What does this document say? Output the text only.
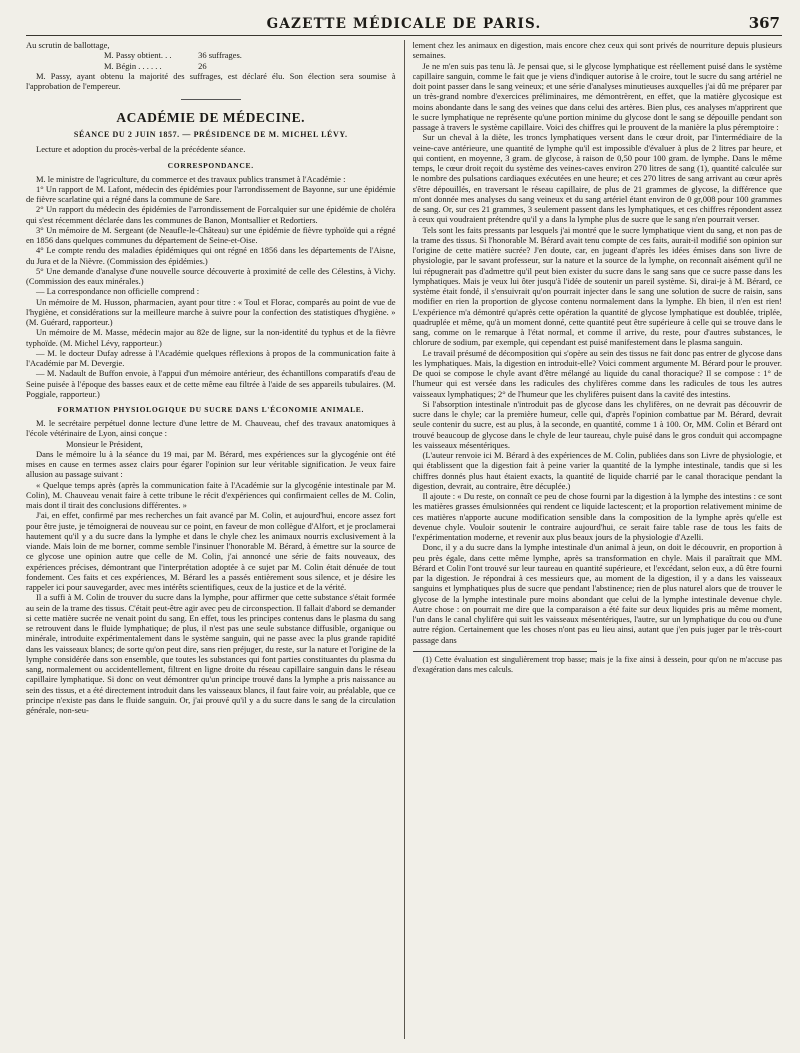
GAZETTE MÉDICALE DE PARIS.	367

Au scrutin de ballottage,

M. Passy obtient. . .	36 suffrages.

M. Bégin . . . . . .	26

M. Passy, ayant obtenu la majorité des suffrages, est déclaré élu. Son élection sera soumise à l'approbation de l'empereur.

ACADÉMIE DE MÉDECINE.
SÉANCE DU 2 JUIN 1857. — PRÉSIDENCE DE M. MICHEL LÉVY.

Lecture et adoption du procès-verbal de la précédente séance.

CORRESPONDANCE.

M. le ministre de l'agriculture, du commerce et des travaux publics transmet à l'Académie :

1° Un rapport de M. Lafont, médecin des épidémies pour l'arrondissement de Bayonne, sur une épidémie de fièvre scarlatine qui a régné dans la commune de Sare.

2° Un rapport du médecin des épidémies de l'arrondissement de Forcalquier sur une épidémie de choléra qui s'est récemment déclarée dans les communes de Banon, Montsallier et Redortiers.

3° Un mémoire de M. Sergeant (de Neaufle-le-Château) sur une épidémie de fièvre typhoïde qui a régné en 1856 dans quelques communes du département de Seine-et-Oise.

4° Le compte rendu des maladies épidémiques qui ont régné en 1856 dans les départements de l'Aisne, du Jura et de la Nièvre. (Commission des épidémies.)

5° Une demande d'analyse d'une nouvelle source découverte à proximité de celle des Célestins, à Vichy. (Commission des eaux minérales.)

— La correspondance non officielle comprend :

Un mémoire de M. Husson, pharmacien, ayant pour titre : « Toul et Florac, comparés au point de vue de l'hygiène, et considérations sur la meilleure marche à suivre pour la confection des statistiques d'hygiène. » (M. Guérard, rapporteur.)

Un mémoire de M. Masse, médecin major au 82e de ligne, sur la non-identité du typhus et de la fièvre typhoïde. (M. Michel Lévy, rapporteur.)

— M. le docteur Dufay adresse à l'Académie quelques réflexions à propos de la communication faite à l'Académie par M. Devergie.

— M. Nadault de Buffon envoie, à l'appui d'un mémoire antérieur, des échantillons comparatifs d'eau de Seine puisée à l'époque des basses eaux et de cette même eau filtrée à l'aide de ses appareils tubulaires. (M. Poggiale, rapporteur.)

FORMATION PHYSIOLOGIQUE DU SUCRE DANS L'ÉCONOMIE ANIMALE.

M. le secrétaire perpétuel donne lecture d'une lettre de M. Chauveau, chef des travaux anatomiques à l'école vétérinaire de Lyon, ainsi conçue :

Monsieur le Président,

Dans le mémoire lu à la séance du 19 mai, par M. Bérard, mes expériences sur la glycogénie ont été mises en cause en termes assez clairs pour égarer l'opinion sur leur véritable signification. Je veux faire allusion au passage suivant :

« Quelque temps après (après la communication faite à l'Académie sur la glycogénie intestinale par M. Colin), M. Chauveau venait faire à cette tribune le récit d'expériences qui confirmaient celles de M. Colin, mais dont il tirait des conclusions différentes. »

J'ai, en effet, confirmé par mes recherches un fait avancé par M. Colin, et aujourd'hui, encore assez fort pour être juste, je témoignerai de nouveau sur ce point, en faveur de mon collègue d'Alfort, et je proclamerai hautement qu'il y a du sucre dans la lymphe et dans le chyle chez les animaux nourris exclusivement à la viande. Mais loin de me borner, comme semble l'insinuer l'honorable M. Bérard, à émettre sur la source de ce glycose une opinion autre que celle de M. Colin, j'ai annoncé une série de faits nouveaux, des expériences précises, démontrant que l'interprétation adoptée à ce sujet par M. Colin était dénuée de tout fondement. Ces faits et ces expériences, M. Bérard les a passés entièrement sous silence, et je désire les rappeler ici pour sauvegarder, avec mes intérêts scientifiques, ceux de la justice et de la vérité.

Il a suffi à M. Colin de trouver du sucre dans la lymphe, pour affirmer que cette substance s'était formée au sein de la trame des tissus. C'était peut-être agir avec peu de circonspection. Il fallait d'abord se demander si cette matière sucrée ne venait point du sang. En effet, tous les principes contenus dans le plasma du sang se retrouvent dans le fluide lymphatique; de plus, il n'est pas une seule substance diffusible, organique ou minérale, introduite expérimentalement dans le système sanguin, qui ne passe avec la plus grande rapidité dans les vaisseaux blancs; de sorte qu'on peut dire, sans rien préjuger, du reste, sur la nature et l'origine de la lymphe considérée dans son ensemble, que toutes les substances qui font parties constituantes du plasma du sang, normalement ou accidentellement, filtrent en ligne droite du réseau capillaire sanguin dans le réseau capillaire lymphatique. Si donc on veut démontrer qu'un principe trouvé dans la lymphe a pris naissance au sein des tissus, et a été directement introduit dans les vaisseaux blancs, il faut faire voir, au préalable, que ce principe n'existe pas dans le fluide sanguin. Or, j'ai prouvé qu'il y a du sucre dans le sang de la circulation générale, non-seu-

lement chez les animaux en digestion, mais encore chez ceux qui sont privés de nourriture depuis plusieurs semaines.

Je ne m'en suis pas tenu là. Je pensai que, si le glycose lymphatique est réellement puisé dans le système capillaire sanguin, comme le fait que je viens d'indiquer autorise à le croire, tout le sucre du sang artériel ne doit point passer dans le sang veineux; et une série d'analyses minutieuses auxquelles j'ai dû me préparer par un très-grand nombre d'exercices préliminaires, me démontrèrent, en effet, que la matière glycosique est moins abondante dans le sang des veines que dans celui des artères. Bien plus, ces analyses m'apprirent que le sucre lymphatique ne représente qu'une portion minime du glycose dont le sang se dépouille pendant son passage à travers le système capillaire. Voici des chiffres qui le prouvent de la manière la plus péremptoire :

Sur un cheval à la diète, les troncs lymphatiques versent dans le cœur droit, par l'intermédiaire de la veine-cave antérieure, une quantité de lymphe qu'il est impossible d'évaluer à plus de 2 litres par heure, et qui contient, en moyenne, 3 gram. de glycose, à raison de 0,50 pour 100 gram. de lymphe. Dans le même temps, le cœur droit reçoit du système des veines-caves environ 270 litres de sang (1), quantité calculée sur le nombre des pulsations cardiaques exécutées en une heure; et ces 270 litres de sang arrivant au cœur après s'être dépouillés, en traversant le réseau capillaire, de plus de 21 grammes de glycose, la différence que m'ont donnée mes analyses du sang veineux et du sang artériel étant environ de 0 gr,008 pour 100 grammes de sang. Or, sur ces 21 grammes, 3 seulement passent dans les lymphatiques, et ces chiffres répondent assez à ceux qui voudraient prétendre qu'il y a dans la lymphe plus de sucre que le sang n'en pourrait verser.

Tels sont les faits pressants par lesquels j'ai montré que le sucre lymphatique vient du sang, et non pas de la trame des tissus. Si l'honorable M. Bérard avait tenu compte de ces faits, aurait-il modifié son opinion sur l'origine de cette matière sucrée? J'en doute, car, en jugeant d'après les idées émises dans son livre de physiologie, par le savant professeur, sur la nature et la source de la lymphe, on reconnaît aisément qu'il ne lui répugnerait pas d'admettre qu'il peut bien exister du sucre dans le sang sans que ce sucre passe dans les lymphatiques. Mais je veux lui ôter jusqu'à l'idée de soutenir un pareil système. Si, dirai-je à M. Bérard, ce système était fondé, il s'ensuivrait qu'on pourrait injecter dans le sang une solution de sucre de raisin, sans modifier en rien la proportion de glycose contenu normalement dans la lymphe. Eh bien, il n'en est rien! L'expérience m'a démontré qu'après cette opération la quantité de glycose lymphatique est doublée, triplée, quadruplée et même, qu'à un moment donné, cette quantité peut être supérieure à celle qui se trouve dans le sang, comme on le remarque à l'état normal, et comme il arrive, du reste, pour d'autres substances, le chlorure de sodium, par exemple, qui cependant est puisé manifestement dans le plasma sanguin.

Le travail présumé de décomposition qui s'opère au sein des tissus ne fait donc pas entrer de glycose dans les lymphatiques. Mais, la digestion en introduit-elle? Voici comment argumente M. Bérard pour le prouver. De quoi se compose le chyle avant d'être mélangé au liquide du canal thoracique? Il se compose : 1° de l'humeur qui est versée dans les radicules des chylifères comme dans les radicules de tous les autres vaisseaux lymphatiques; 2° de l'humeur que les chylifères puisent dans la cavité des intestins.

Si l'absorption intestinale n'introduit pas de glycose dans les chylifères, on ne devrait pas découvrir de sucre dans le chyle; car la première humeur, celle qui, d'après l'opinion combattue par M. Bérard, devrait seule contenir du sucre, est au plus, à la seconde, en quantité, comme 1 à 100. Or, MM. Colin et Bérard ont trouvé beaucoup de glycose dans le chyle de leur taureau, chyle puisé dans le gros conduit qui accompagne les vaisseaux mésentériques.

(L'auteur renvoie ici M. Bérard à des expériences de M. Colin, publiées dans son Livre de physiologie, et qui établissent que la digestion fait à peine varier la quantité de la lymphe intestinale, tandis que si les chiffres donnés plus haut étaient exacts, la quantité de liquide charrié par le canal thoracique pendant la digestion, devrait, au contraire, être décuplée.)

Il ajoute : « Du reste, on connaît ce peu de chose fourni par la digestion à la lymphe des intestins : ce sont les matières grasses émulsionnées qui rendent ce liquide lactescent; et la proportion relativement minime de ces matières n'apporte aucune modification sensible dans la composition de la lymphe après qu'elle est devenue chyle. Vouloir soutenir le contraire aujourd'hui, ce serait faire table rase de tous les faits de l'expérimentation moderne, et revenir aux plus beaux jours de la physiologie d'Azelli.

Donc, il y a du sucre dans la lymphe intestinale d'un animal à jeun, on doit le découvrir, en proportion à peu près égale, dans cette même lymphe, après sa transformation en chyle. Mais il paraîtrait que MM. Bérard et Colin l'ont trouvé sur leur taureau en quantité supérieure, et l'excédant, selon eux, a dû être fourni par la digestion. Je répondrai à ces messieurs que, au moment de la digestion, il y a dans les vaisseaux sanguins et lymphatiques plus de sucre que pendant l'abstinence; rien de plus naturel alors que de trouver le glycose de la lymphe intestinale pure moins abondant que celui de la lymphe intestinale devenue chyle. Autre chose : on pourrait me dire que la comparaison a été faite sur deux liquides pris au même moment, l'un dans le canal chylifère qui suit les vaisseaux mésentériques, l'autre, sur un lymphatique du cou ou d'une autre région. Certainement que les choses n'ont pas eu lieu ainsi, autant que j'en puis juger par le très-court passage dans

(1) Cette évaluation est singulièrement trop basse; mais je la fixe ainsi à dessein, pour qu'on ne m'accuse pas d'exagération dans mes calculs.
